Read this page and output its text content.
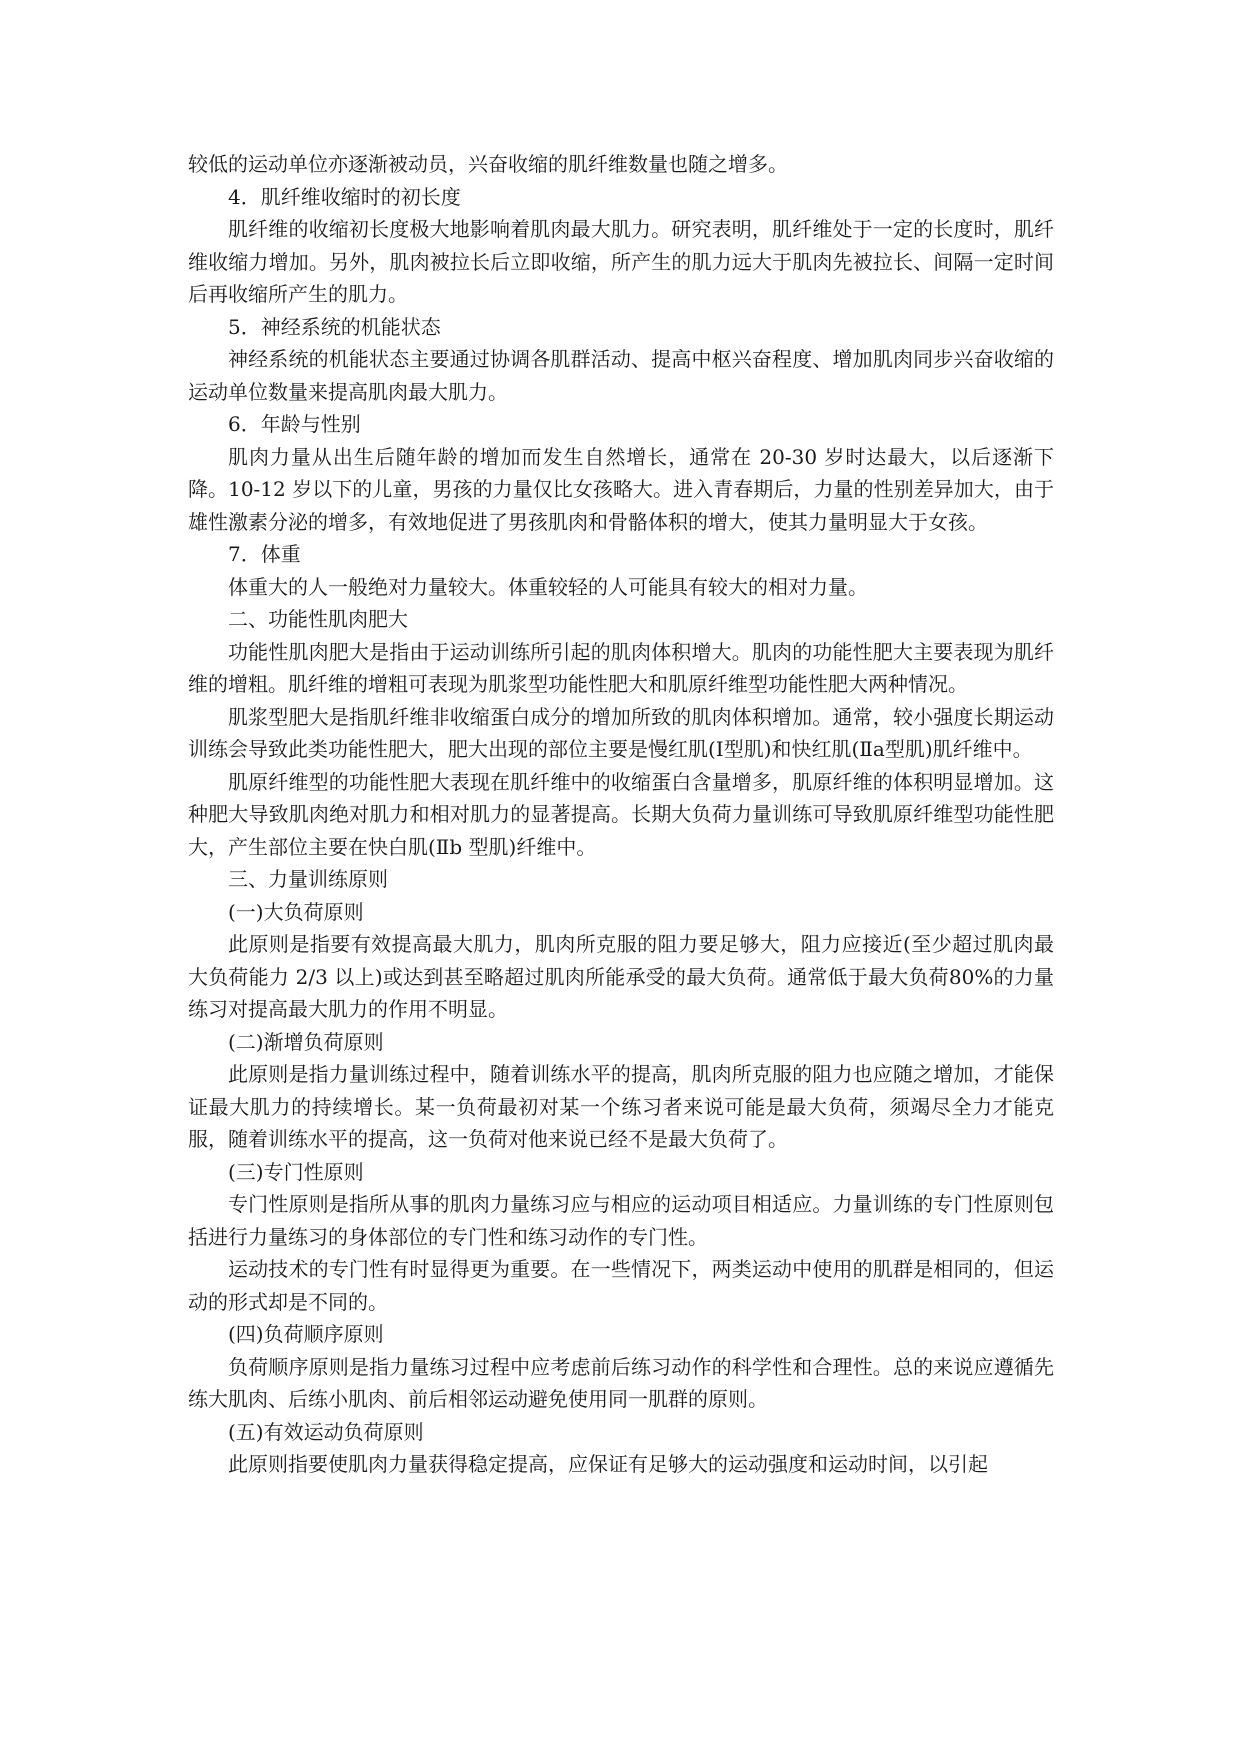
较低的运动单位亦逐渐被动员，兴奋收缩的肌纤维数量也随之增多。

4．肌纤维收缩时的初长度

肌纤维的收缩初长度极大地影响着肌肉最大肌力。研究表明，肌纤维处于一定的长度时，肌纤维收缩力增加。另外，肌肉被拉长后立即收缩，所产生的肌力远大于肌肉先被拉长、间隔一定时间后再收缩所产生的肌力。

5．神经系统的机能状态

神经系统的机能状态主要通过协调各肌群活动、提高中枢兴奋程度、增加肌肉同步兴奋收缩的运动单位数量来提高肌肉最大肌力。

6．年龄与性别

肌肉力量从出生后随年龄的增加而发生自然增长，通常在 20-30 岁时达最大，以后逐渐下降。10-12 岁以下的儿童，男孩的力量仅比女孩略大。进入青春期后，力量的性别差异加大，由于雄性激素分泌的增多，有效地促进了男孩肌肉和骨骼体积的增大，使其力量明显大于女孩。

7．体重

体重大的人一般绝对力量较大。体重较轻的人可能具有较大的相对力量。

二、功能性肌肉肥大

功能性肌肉肥大是指由于运动训练所引起的肌肉体积增大。肌肉的功能性肥大主要表现为肌纤维的增粗。肌纤维的增粗可表现为肌浆型功能性肥大和肌原纤维型功能性肥大两种情况。

肌浆型肥大是指肌纤维非收缩蛋白成分的增加所致的肌肉体积增加。通常，较小强度长期运动训练会导致此类功能性肥大，肥大出现的部位主要是慢红肌(Ⅰ型肌)和快红肌(Ⅱa型肌)肌纤维中。

肌原纤维型的功能性肥大表现在肌纤维中的收缩蛋白含量增多，肌原纤维的体积明显增加。这种肥大导致肌肉绝对肌力和相对肌力的显著提高。长期大负荷力量训练可导致肌原纤维型功能性肥大，产生部位主要在快白肌(Ⅱb 型肌)纤维中。

三、力量训练原则

(一)大负荷原则

此原则是指要有效提高最大肌力，肌肉所克服的阻力要足够大，阻力应接近(至少超过肌肉最大负荷能力 2/3 以上)或达到甚至略超过肌肉所能承受的最大负荷。通常低于最大负荷80%的力量练习对提高最大肌力的作用不明显。

(二)渐增负荷原则

此原则是指力量训练过程中，随着训练水平的提高，肌肉所克服的阻力也应随之增加，才能保证最大肌力的持续增长。某一负荷最初对某一个练习者来说可能是最大负荷，须竭尽全力才能克服，随着训练水平的提高，这一负荷对他来说已经不是最大负荷了。

(三)专门性原则

专门性原则是指所从事的肌肉力量练习应与相应的运动项目相适应。力量训练的专门性原则包括进行力量练习的身体部位的专门性和练习动作的专门性。

运动技术的专门性有时显得更为重要。在一些情况下，两类运动中使用的肌群是相同的，但运动的形式却是不同的。

(四)负荷顺序原则

负荷顺序原则是指力量练习过程中应考虑前后练习动作的科学性和合理性。总的来说应遵循先练大肌肉、后练小肌肉、前后相邻运动避免使用同一肌群的原则。

(五)有效运动负荷原则

此原则指要使肌肉力量获得稳定提高，应保证有足够大的运动强度和运动时间，以引起
